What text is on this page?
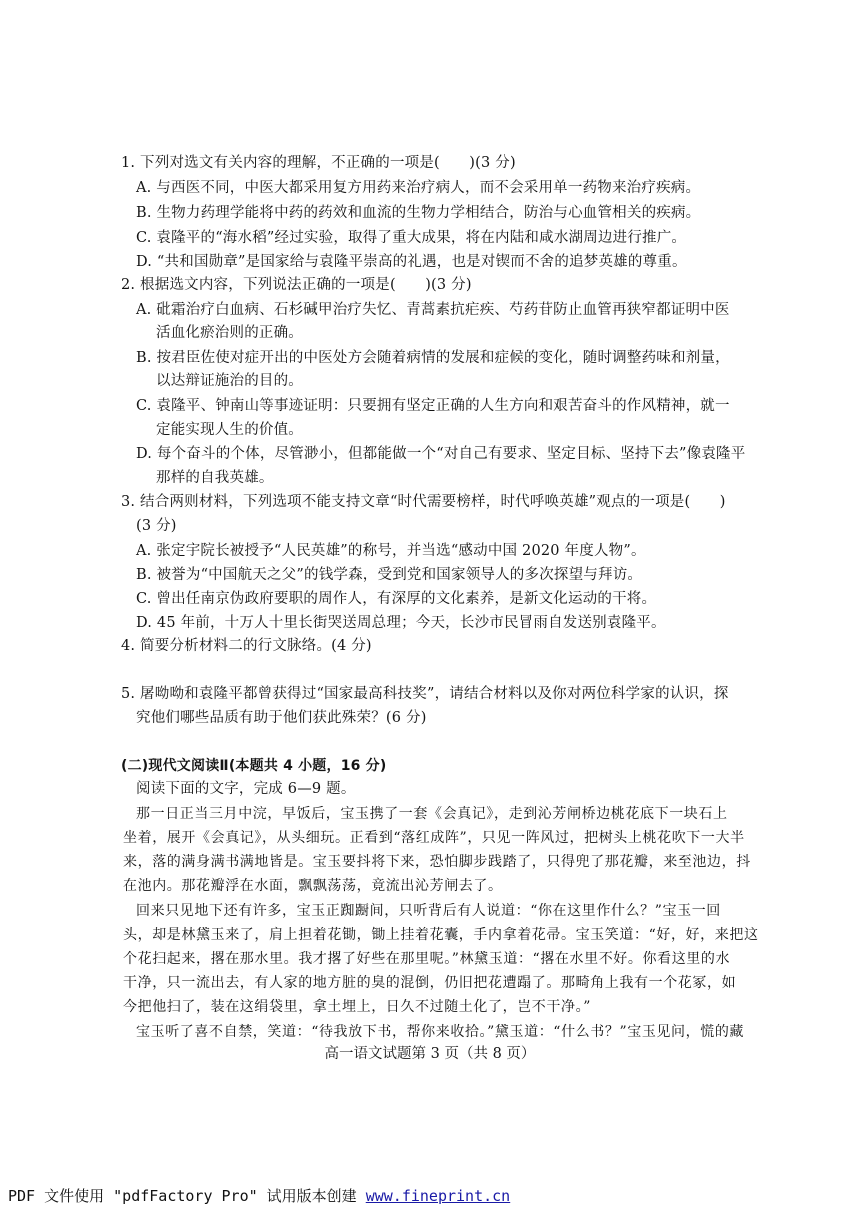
1. 下列对选文有关内容的理解，不正确的一项是(　　)(3 分)
A. 与西医不同，中医大都采用复方用药来治疗病人，而不会采用单一药物来治疗疾病。
B. 生物力药理学能将中药的药效和血流的生物力学相结合，防治与心血管相关的疾病。
C. 袁隆平的“海水稻”经过实验，取得了重大成果，将在内陆和咸水湖周边进行推广。
D. “共和国勋章”是国家给与袁隆平崇高的礼遇，也是对锲而不舍的追梦英雄的尊重。
2. 根据选文内容，下列说法正确的一项是(　　)(3 分)
A. 砒霜治疗白血病、石杉碱甲治疗失忆、青蒿素抗疟疾、芍药苷防止血管再狭窄都证明中医
活血化瘀治则的正确。
B. 按君臣佐使对症开出的中医处方会随着病情的发展和症候的变化，随时调整药味和剂量，
以达辩证施治的目的。
C. 袁隆平、钟南山等事迹证明：只要拥有坚定正确的人生方向和艰苦奋斗的作风精神，就一
定能实现人生的价值。
D. 每个奋斗的个体，尽管渺小，但都能做一个“对自己有要求、坚定目标、坚持下去”像袁隆平
那样的自我英雄。
3. 结合两则材料，下列选项不能支持文章“时代需要榜样，时代呼唤英雄”观点的一项是(　　)
(3 分)
A. 张定宇院长被授予“人民英雄”的称号，并当选“感动中国 2020 年度人物”。
B. 被誉为“中国航天之父”的钱学森，受到党和国家领导人的多次探望与拜访。
C. 曾出任南京伪政府要职的周作人，有深厚的文化素养，是新文化运动的干将。
D. 45 年前，十万人十里长街哭送周总理；今天，长沙市民冒雨自发送别袁隆平。
4. 简要分析材料二的行文脉络。(4 分)
5. 屠呦呦和袁隆平都曾获得过“国家最高科技奖”，请结合材料以及你对两位科学家的认识，探
究他们哪些品质有助于他们获此殊荣？(6 分)
(二)现代文阅读Ⅱ(本题共 4 小题，16 分)
阅读下面的文字，完成 6—9 题。
那一日正当三月中浣，早饭后，宝玉携了一套《会真记》，走到沁芳闸桥边桃花底下一块石上
坐着，展开《会真记》，从头细玩。正看到“落红成阵”，只见一阵风过，把树头上桃花吹下一大半
来，落的满身满书满地皆是。宝玉要抖将下来，恐怕脚步践踏了，只得兜了那花瓣，来至池边，抖
在池内。那花瓣浮在水面，飘飘荡荡，竟流出沁芳闸去了。
回来只见地下还有许多，宝玉正踟蹰间，只听背后有人说道：“你在这里作什么？”宝玉一回
头，却是林黛玉来了，肩上担着花锄，锄上挂着花囊，手内拿着花帚。宝玉笑道：“好，好，来把这
个花扫起来，撂在那水里。我才撂了好些在那里呢。”林黛玉道：“撂在水里不好。你看这里的水
干净，只一流出去，有人家的地方脏的臭的混倒，仍旧把花遭蹋了。那畸角上我有一个花冢，如
今把他扫了，装在这绢袋里，拿土埋上，日久不过随土化了，岂不干净。”
宝玉听了喜不自禁，笑道：“待我放下书，帮你来收拾。”黛玉道：“什么书？”宝玉见问，慌的藏
高一语文试题第 3 页（共 8 页）
PDF 文件使用 "pdfFactory Pro" 试用版本创建 www.fineprint.cn
